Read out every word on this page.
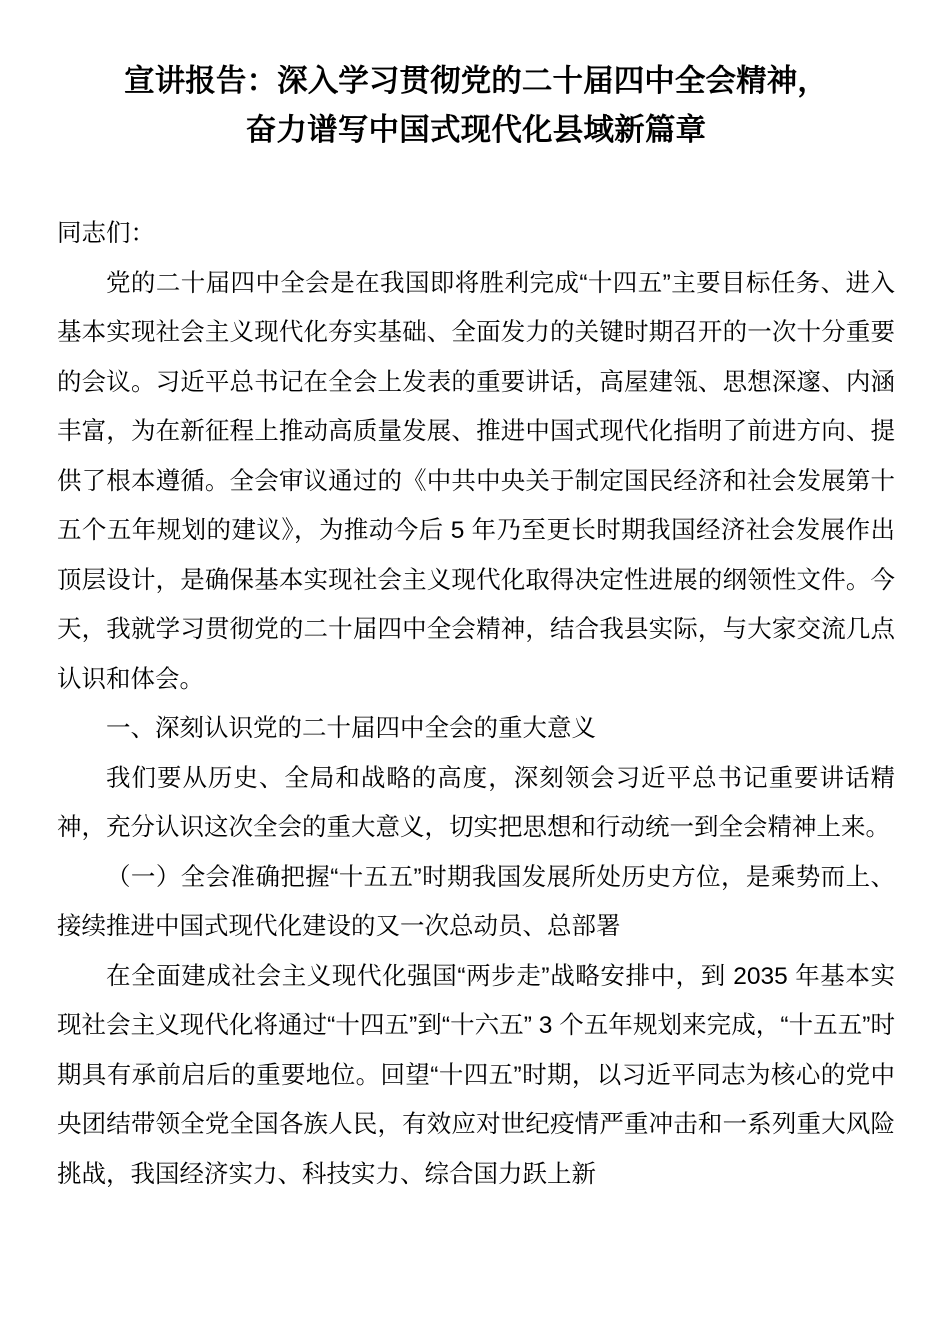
宣讲报告：深入学习贯彻党的二十届四中全会精神，
奋力谱写中国式现代化县域新篇章

同志们：

党的二十届四中全会是在我国即将胜利完成“十四五”主要目标任务、进入基本实现社会主义现代化夯实基础、全面发力的关键时期召开的一次十分重要的会议。习近平总书记在全会上发表的重要讲话，高屋建瓴、思想深邃、内涵丰富，为在新征程上推动高质量发展、推进中国式现代化指明了前进方向、提供了根本遵循。全会审议通过的《中共中央关于制定国民经济和社会发展第十五个五年规划的建议》，为推动今后 5 年乃至更长时期我国经济社会发展作出顶层设计，是确保基本实现社会主义现代化取得决定性进展的纲领性文件。今天，我就学习贯彻党的二十届四中全会精神，结合我县实际，与大家交流几点认识和体会。

一、深刻认识党的二十届四中全会的重大意义

我们要从历史、全局和战略的高度，深刻领会习近平总书记重要讲话精神，充分认识这次全会的重大意义，切实把思想和行动统一到全会精神上来。

（一）全会准确把握“十五五”时期我国发展所处历史方位，是乘势而上、接续推进中国式现代化建设的又一次总动员、总部署

在全面建成社会主义现代化强国“两步走”战略安排中，到 2035 年基本实现社会主义现代化将通过“十四五”到“十六五” 3 个五年规划来完成，“十五五”时期具有承前启后的重要地位。回望“十四五”时期，以习近平同志为核心的党中央团结带领全党全国各族人民，有效应对世纪疫情严重冲击和一系列重大风险挑战，我国经济实力、科技实力、综合国力跃上新
